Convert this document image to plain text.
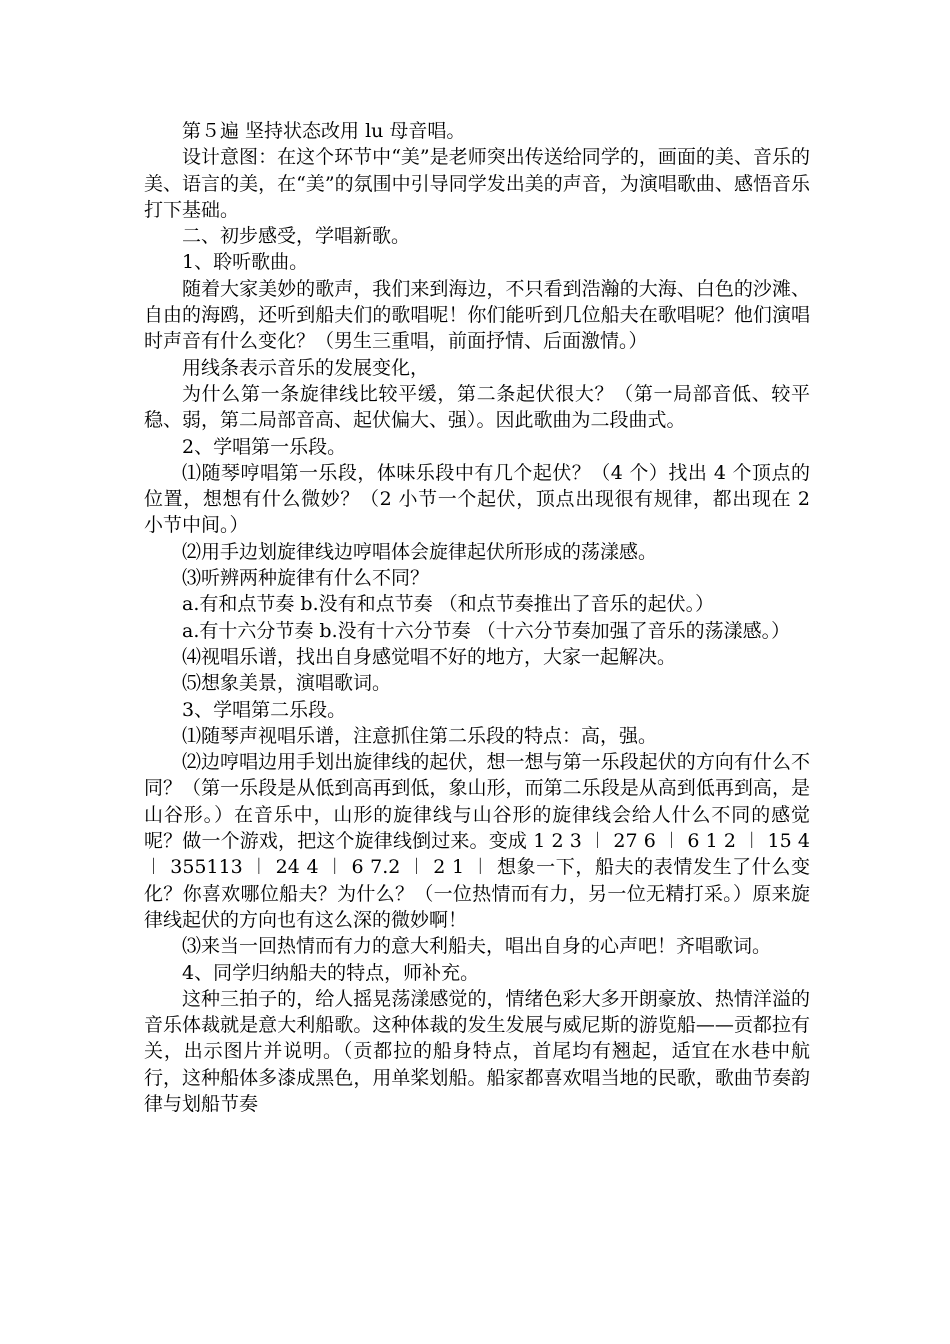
第５遍 坚持状态改用 lu 母音唱。

设计意图：在这个环节中“美”是老师突出传送给同学的，画面的美、音乐的美、语言的美，在“美”的氛围中引导同学发出美的声音，为演唱歌曲、感悟音乐打下基础。

二、初步感受，学唱新歌。

1、聆听歌曲。

随着大家美妙的歌声，我们来到海边，不只看到浩瀚的大海、白色的沙滩、自由的海鸥，还听到船夫们的歌唱呢！你们能听到几位船夫在歌唱呢？他们演唱时声音有什么变化？（男生三重唱，前面抒情、后面激情。）

用线条表示音乐的发展变化，

为什么第一条旋律线比较平缓，第二条起伏很大？（第一局部音低、较平稳、弱，第二局部音高、起伏偏大、强）。因此歌曲为二段曲式。

2、学唱第一乐段。

⑴随琴哼唱第一乐段，体味乐段中有几个起伏？（4 个）找出 4 个顶点的位置，想想有什么微妙？（2 小节一个起伏，顶点出现很有规律，都出现在 2 小节中间。）

⑵用手边划旋律线边哼唱体会旋律起伏所形成的荡漾感。

⑶听辨两种旋律有什么不同？

a.有和点节奏 b.没有和点节奏 （和点节奏推出了音乐的起伏。）

a.有十六分节奏 b.没有十六分节奏 （十六分节奏加强了音乐的荡漾感。）

⑷视唱乐谱，找出自身感觉唱不好的地方，大家一起解决。

⑸想象美景，演唱歌词。

3、学唱第二乐段。

⑴随琴声视唱乐谱，注意抓住第二乐段的特点：高，强。

⑵边哼唱边用手划出旋律线的起伏，想一想与第一乐段起伏的方向有什么不同？（第一乐段是从低到高再到低，象山形，而第二乐段是从高到低再到高，是山谷形。）在音乐中，山形的旋律线与山谷形的旋律线会给人什么不同的感觉呢？做一个游戏，把这个旋律线倒过来。变成 1 2 3 ︱ 27 6 ︱ 6 1 2 ︱ 15 4 ︱ 355113 ︱ 24 4 ︱ 6 7.2 ︱ 2 1 ︱ 想象一下，船夫的表情发生了什么变化？你喜欢哪位船夫？为什么？（一位热情而有力，另一位无精打采。）原来旋律线起伏的方向也有这么深的微妙啊！

⑶来当一回热情而有力的意大利船夫，唱出自身的心声吧！齐唱歌词。

4、同学归纳船夫的特点，师补充。

这种三拍子的，给人摇晃荡漾感觉的，情绪色彩大多开朗豪放、热情洋溢的音乐体裁就是意大利船歌。这种体裁的发生发展与威尼斯的游览船——贡都拉有关，出示图片并说明。（贡都拉的船身特点，首尾均有翘起，适宜在水巷中航行，这种船体多漆成黑色，用单桨划船。船家都喜欢唱当地的民歌，歌曲节奏韵律与划船节奏
